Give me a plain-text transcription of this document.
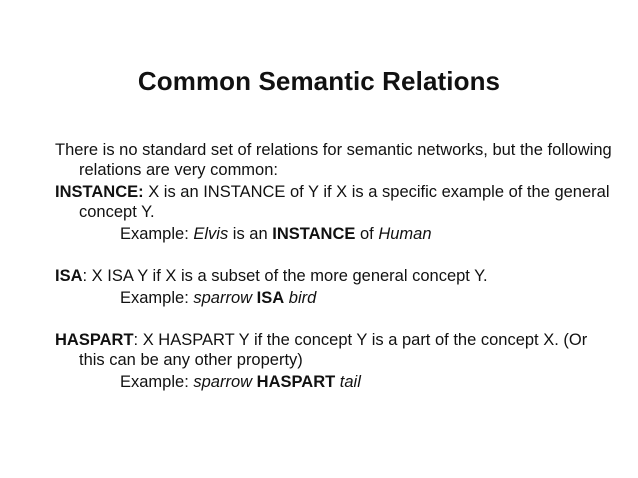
Common Semantic Relations

There is no standard set of relations for semantic networks, but the following relations are very common:

INSTANCE: X is an INSTANCE of Y if X is a specific example of the general concept Y.

Example: Elvis is an INSTANCE of Human

ISA: X ISA Y if X is a subset of the more general concept Y.

Example: sparrow ISA bird

HASPART: X HASPART Y if the concept Y is a part of the concept X. (Or this can be any other property)

Example: sparrow HASPART tail
